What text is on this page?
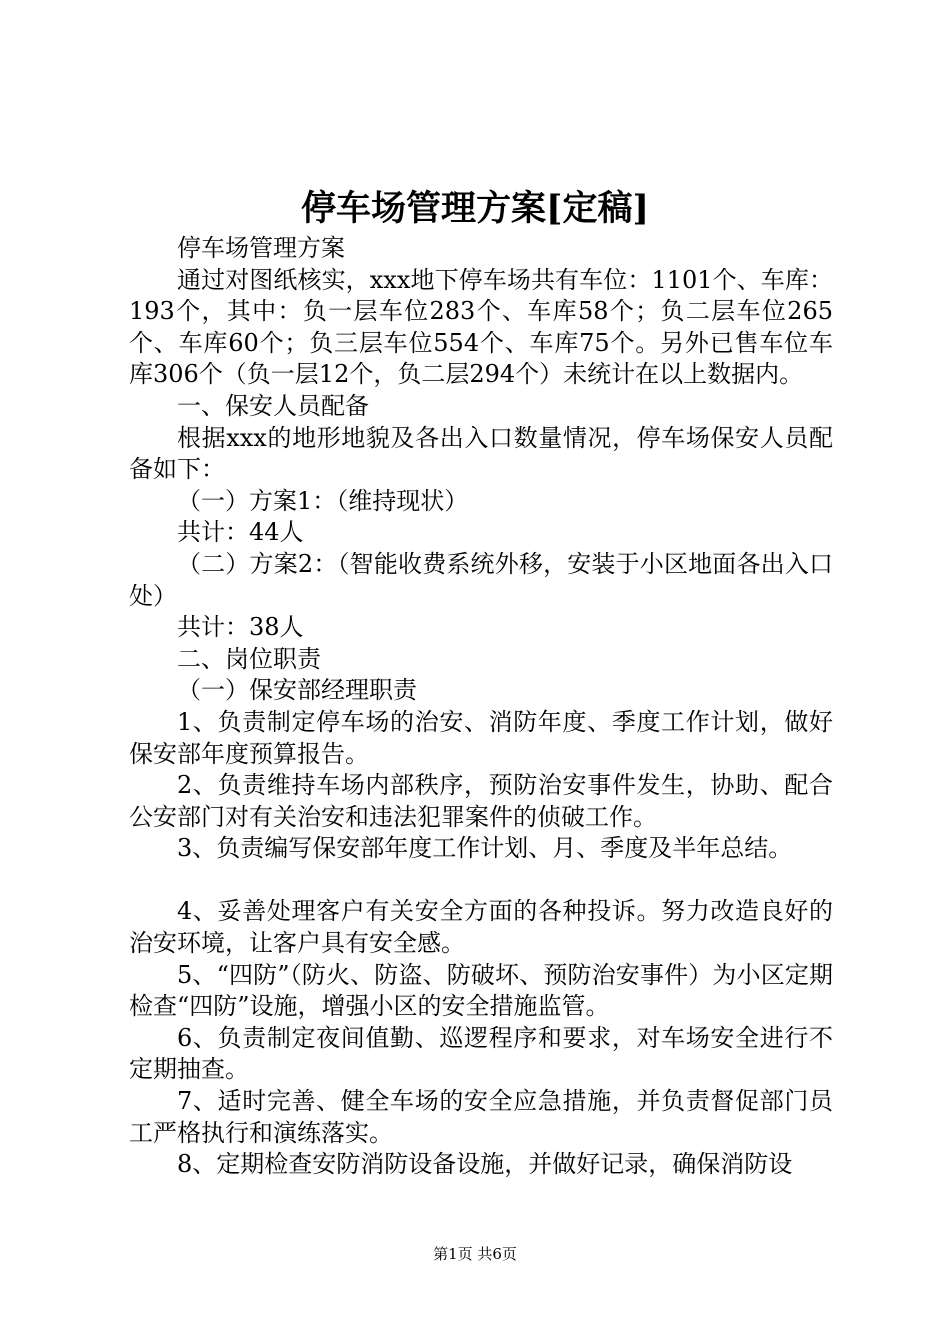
停车场管理方案[定稿]

停车场管理方案

通过对图纸核实，xxx地下停车场共有车位：1101个、车库：193个，其中：负一层车位283个、车库58个；负二层车位265个、车库60个；负三层车位554个、车库75个。另外已售车位车库306个（负一层12个，负二层294个）未统计在以上数据内。

一、保安人员配备

根据xxx的地形地貌及各出入口数量情况，停车场保安人员配备如下：

（一）方案1：（维持现状）

共计：44人

（二）方案2：（智能收费系统外移，安装于小区地面各出入口处）

共计：38人

二、岗位职责

（一）保安部经理职责

1、负责制定停车场的治安、消防年度、季度工作计划，做好保安部年度预算报告。

2、负责维持车场内部秩序，预防治安事件发生，协助、配合公安部门对有关治安和违法犯罪案件的侦破工作。

3、负责编写保安部年度工作计划、月、季度及半年总结。

4、妥善处理客户有关安全方面的各种投诉。努力改造良好的治安环境，让客户具有安全感。

5、“四防”（防火、防盗、防破坏、预防治安事件）为小区定期检查“四防”设施，增强小区的安全措施监管。

6、负责制定夜间值勤、巡逻程序和要求，对车场安全进行不定期抽查。

7、适时完善、健全车场的安全应急措施，并负责督促部门员工严格执行和演练落实。

8、定期检查安防消防设备设施，并做好记录，确保消防设

第1页 共6页
